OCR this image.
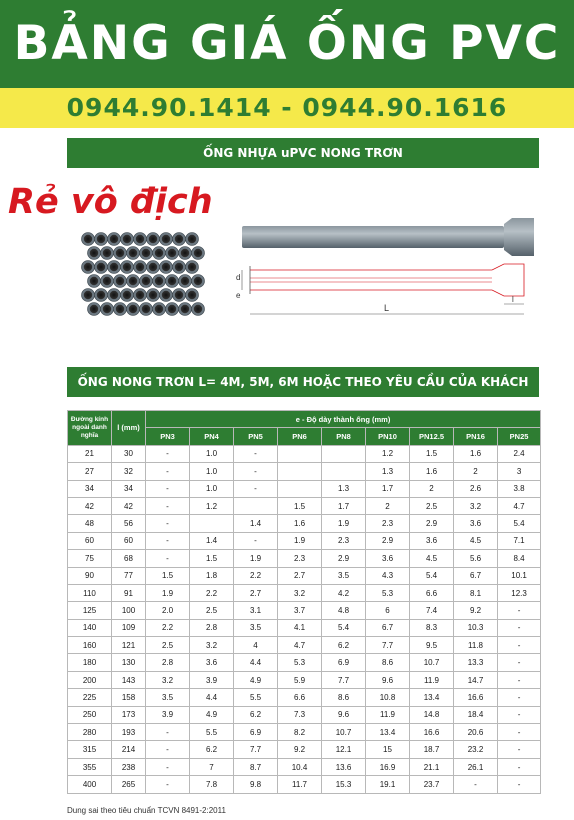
BẢNG GIÁ ỐNG PVC
0944.90.1414 - 0944.90.1616
ỐNG NHỰA uPVC NONG TRƠN
Rẻ vô địch
d
e
L
l
ỐNG NONG TRƠN L= 4M, 5M, 6M HOẶC THEO YÊU CẦU CỦA KHÁCH
Đường kính ngoài danh nghĩa	l (mm)	e - Độ dày thành ống (mm)								
		PN3	PN4	PN5	PN6	PN8	PN10	PN12.5	PN16	PN25
21	30	-	1.0	-			1.2	1.5	1.6	2.4
27	32	-	1.0	-			1.3	1.6	2	3
34	34	-	1.0	-		1.3	1.7	2	2.6	3.8
42	42	-	1.2		1.5	1.7	2	2.5	3.2	4.7
48	56	-		1.4	1.6	1.9	2.3	2.9	3.6	5.4
60	60	-	1.4	-	1.9	2.3	2.9	3.6	4.5	7.1
75	68	-	1.5	1.9	2.3	2.9	3.6	4.5	5.6	8.4
90	77	1.5	1.8	2.2	2.7	3.5	4.3	5.4	6.7	10.1
110	91	1.9	2.2	2.7	3.2	4.2	5.3	6.6	8.1	12.3
125	100	2.0	2.5	3.1	3.7	4.8	6	7.4	9.2	-
140	109	2.2	2.8	3.5	4.1	5.4	6.7	8.3	10.3	-
160	121	2.5	3.2	4	4.7	6.2	7.7	9.5	11.8	-
180	130	2.8	3.6	4.4	5.3	6.9	8.6	10.7	13.3	-
200	143	3.2	3.9	4.9	5.9	7.7	9.6	11.9	14.7	-
225	158	3.5	4.4	5.5	6.6	8.6	10.8	13.4	16.6	-
250	173	3.9	4.9	6.2	7.3	9.6	11.9	14.8	18.4	-
280	193	-	5.5	6.9	8.2	10.7	13.4	16.6	20.6	-
315	214	-	6.2	7.7	9.2	12.1	15	18.7	23.2	-
355	238	-	7	8.7	10.4	13.6	16.9	21.1	26.1	-
400	265	-	7.8	9.8	11.7	15.3	19.1	23.7	-	-
Dung sai theo tiêu chuẩn TCVN 8491-2:2011
